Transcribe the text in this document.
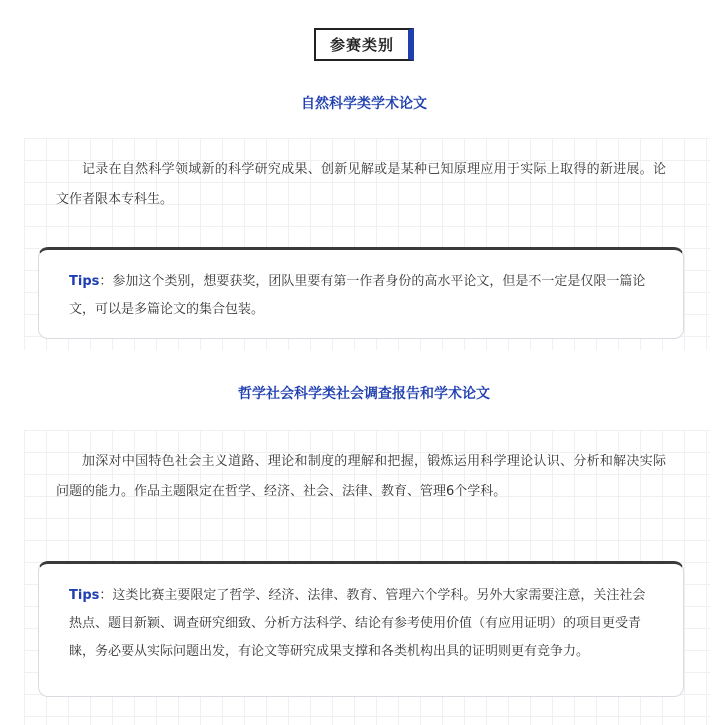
参赛类别
自然科学类学术论文

记录在自然科学领域新的科学研究成果、创新见解或是某种已知原理应用于实际上取得的新进展。论文作者限本专科生。

Tips：参加这个类别，想要获奖，团队里要有第一作者身份的高水平论文，但是不一定是仅限一篇论文，可以是多篇论文的集合包装。
哲学社会科学类社会调查报告和学术论文

加深对中国特色社会主义道路、理论和制度的理解和把握，锻炼运用科学理论认识、分析和解决实际问题的能力。作品主题限定在哲学、经济、社会、法律、教育、管理6个学科。

Tips：这类比赛主要限定了哲学、经济、法律、教育、管理六个学科。另外大家需要注意，关注社会热点、题目新颖、调查研究细致、分析方法科学、结论有参考使用价值（有应用证明）的项目更受青睐，务必要从实际问题出发，有论文等研究成果支撑和各类机构出具的证明则更有竞争力。
